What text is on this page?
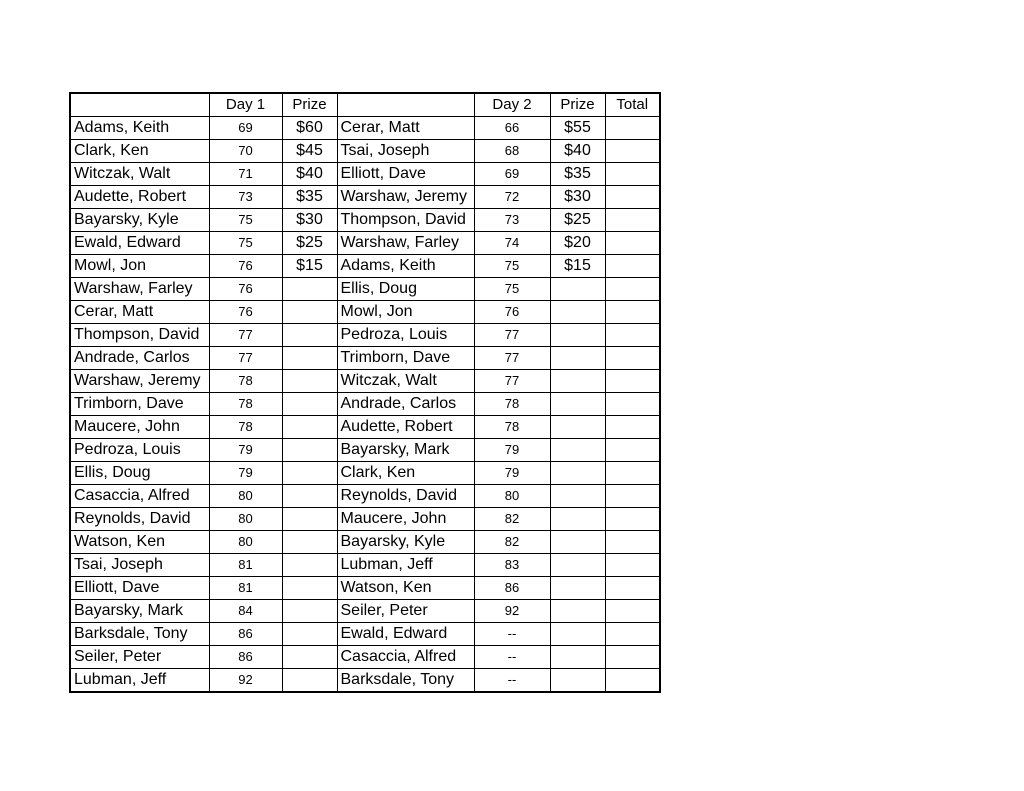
	Day 1	Prize		Day 2	Prize	Total
Adams, Keith	69	$60	Cerar, Matt	66	$55	
Clark, Ken	70	$45	Tsai, Joseph	68	$40	
Witczak, Walt	71	$40	Elliott, Dave	69	$35	
Audette, Robert	73	$35	Warshaw, Jeremy	72	$30	
Bayarsky, Kyle	75	$30	Thompson, David	73	$25	
Ewald, Edward	75	$25	Warshaw, Farley	74	$20	
Mowl, Jon	76	$15	Adams, Keith	75	$15	
Warshaw, Farley	76		Ellis, Doug	75		
Cerar, Matt	76		Mowl, Jon	76		
Thompson, David	77		Pedroza, Louis	77		
Andrade, Carlos	77		Trimborn, Dave	77		
Warshaw, Jeremy	78		Witczak, Walt	77		
Trimborn, Dave	78		Andrade, Carlos	78		
Maucere, John	78		Audette, Robert	78		
Pedroza, Louis	79		Bayarsky, Mark	79		
Ellis, Doug	79		Clark, Ken	79		
Casaccia, Alfred	80		Reynolds, David	80		
Reynolds, David	80		Maucere, John	82		
Watson, Ken	80		Bayarsky, Kyle	82		
Tsai, Joseph	81		Lubman, Jeff	83		
Elliott, Dave	81		Watson, Ken	86		
Bayarsky, Mark	84		Seiler, Peter	92		
Barksdale, Tony	86		Ewald, Edward	--		
Seiler, Peter	86		Casaccia, Alfred	--		
Lubman, Jeff	92		Barksdale, Tony	--		
